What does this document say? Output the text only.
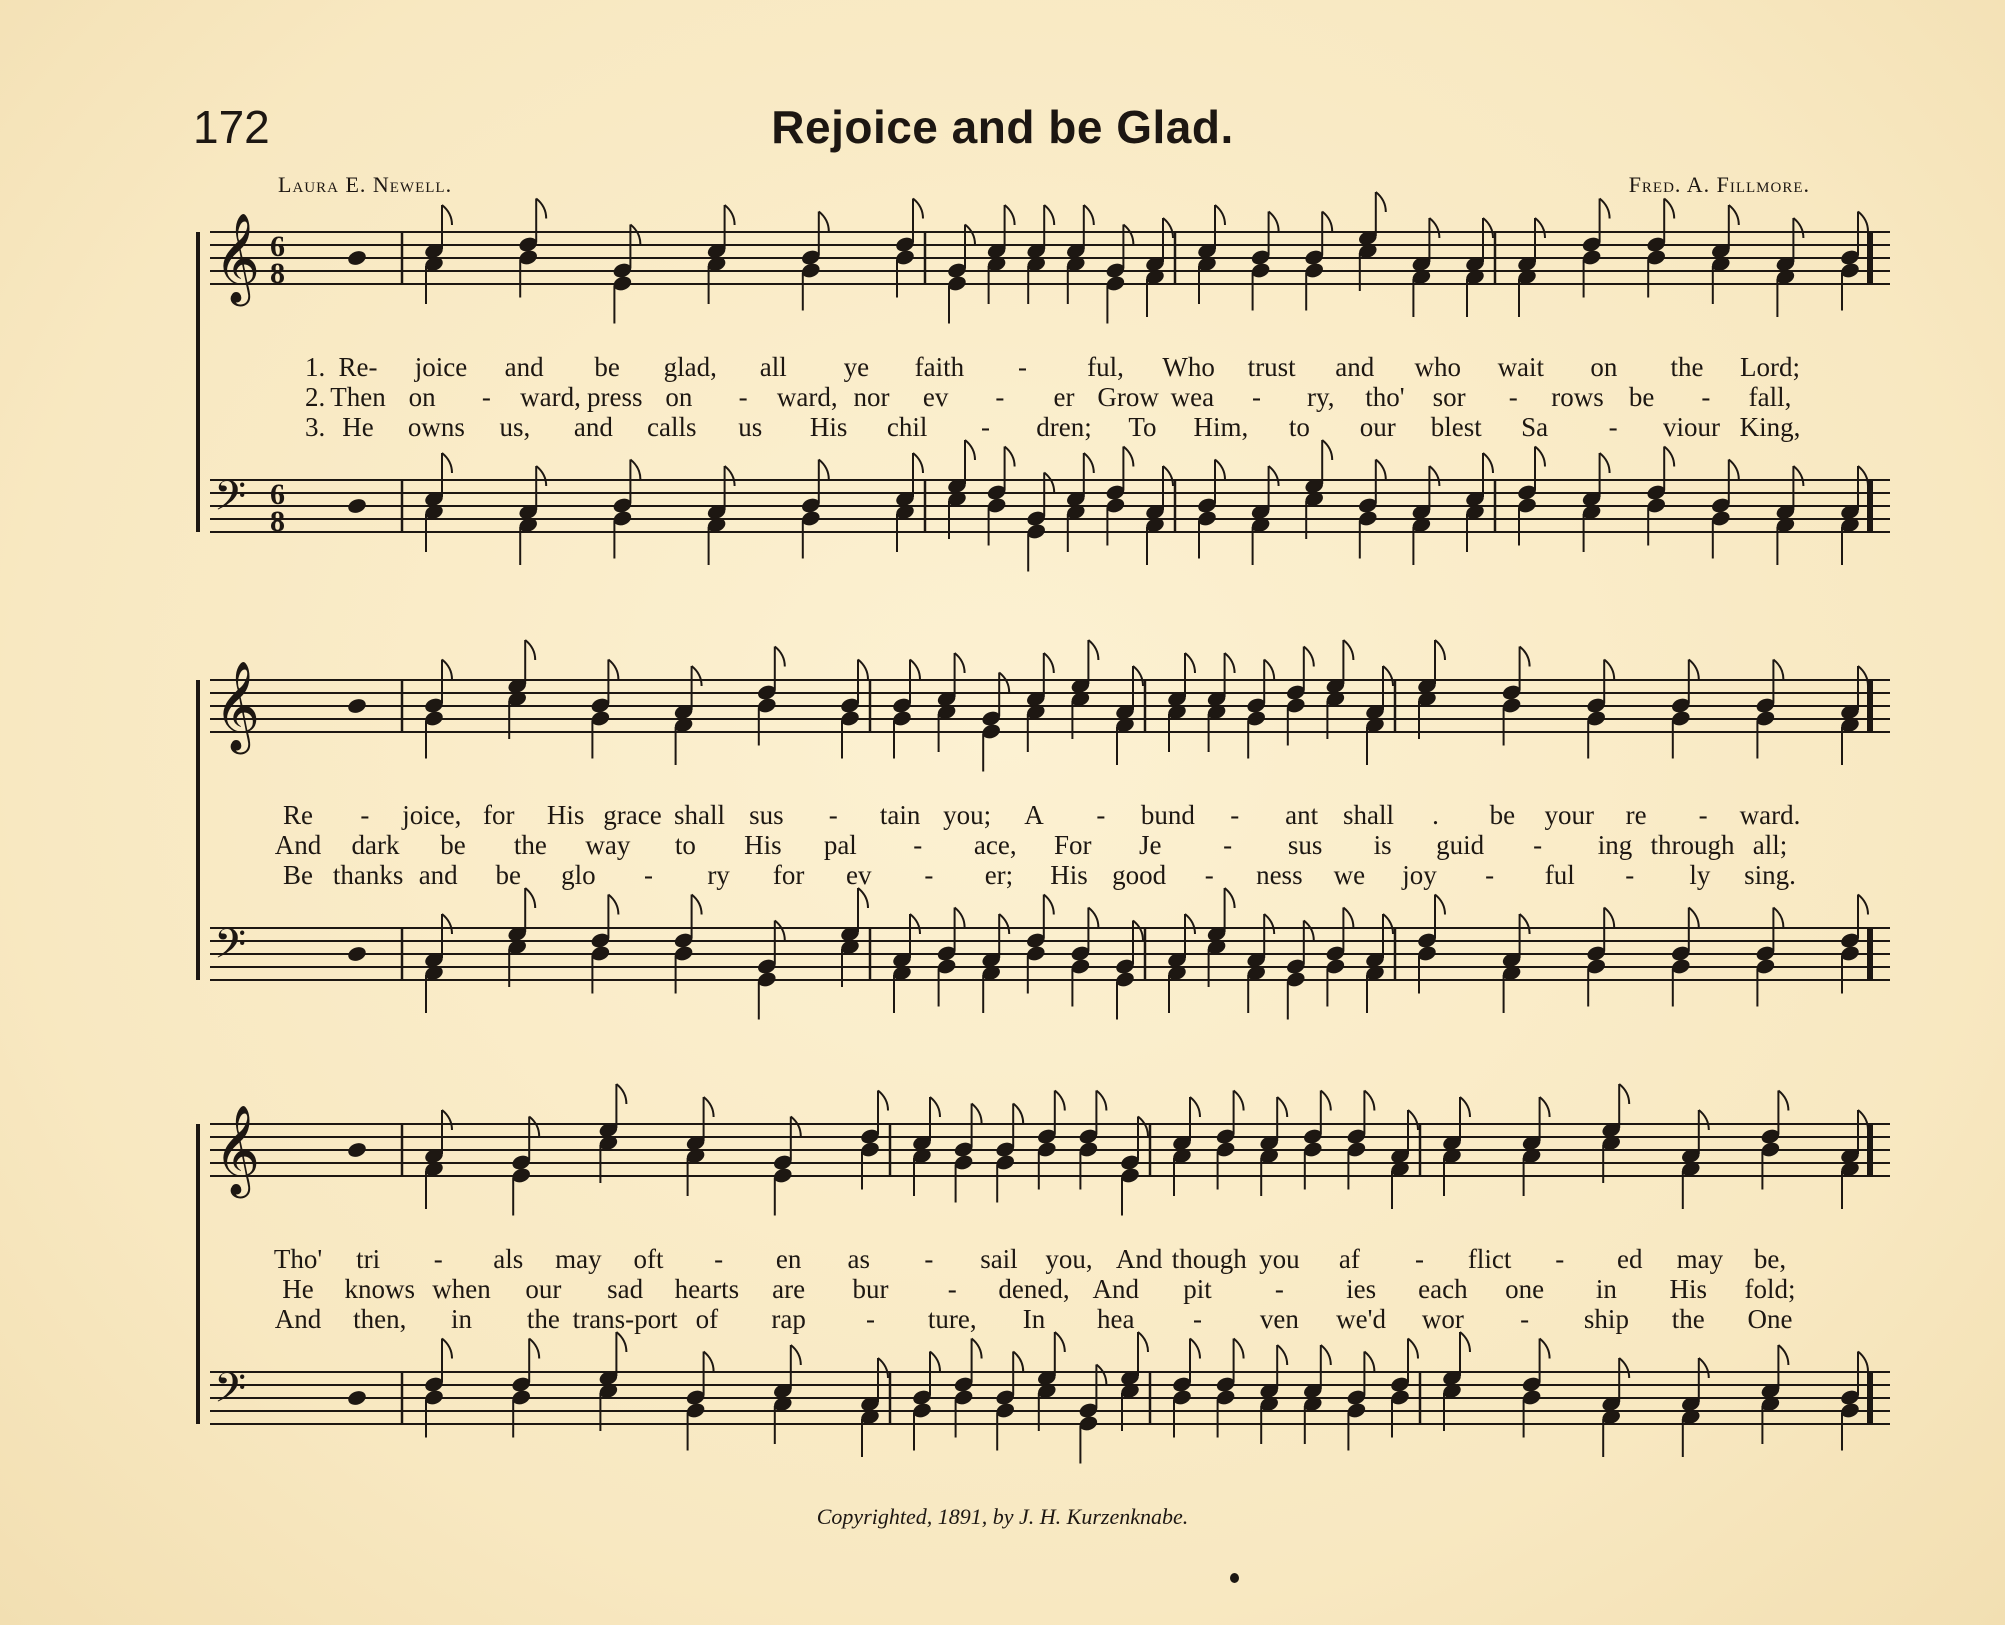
172	Rejoice and be Glad.
Laura E. Newell.	Fred. A. Fillmore.
𝄞 6
8
𝄢 6
8
1. Re- joice and be glad, all ye faith - ful, Who trust and who wait on the Lord;
2. Then on - ward, press on - ward, nor ev - er Grow wea - ry, tho' sor - rows be - fall,
3. He owns us, and calls us His chil - dren; To Him, to our blest Sa - viour King,
𝄞
𝄢
Re - joice, for His grace shall sus - tain you; A - bund - ant shall . be your re - ward.
And dark be the way to His pal - ace, For Je - sus is guid - ing through all;
Be thanks and be glo - ry for ev - er; His good - ness we joy - ful - ly sing.
𝄞
𝄢
Tho' tri - als may oft - en as - sail you, And though you af - flict - ed may be,
He knows when our sad hearts are bur - dened, And pit - ies each one in His fold;
And then, in the trans-port of rap - ture, In hea - ven we'd wor - ship the One
Copyrighted, 1891, by J. H. Kurzenknabe.
